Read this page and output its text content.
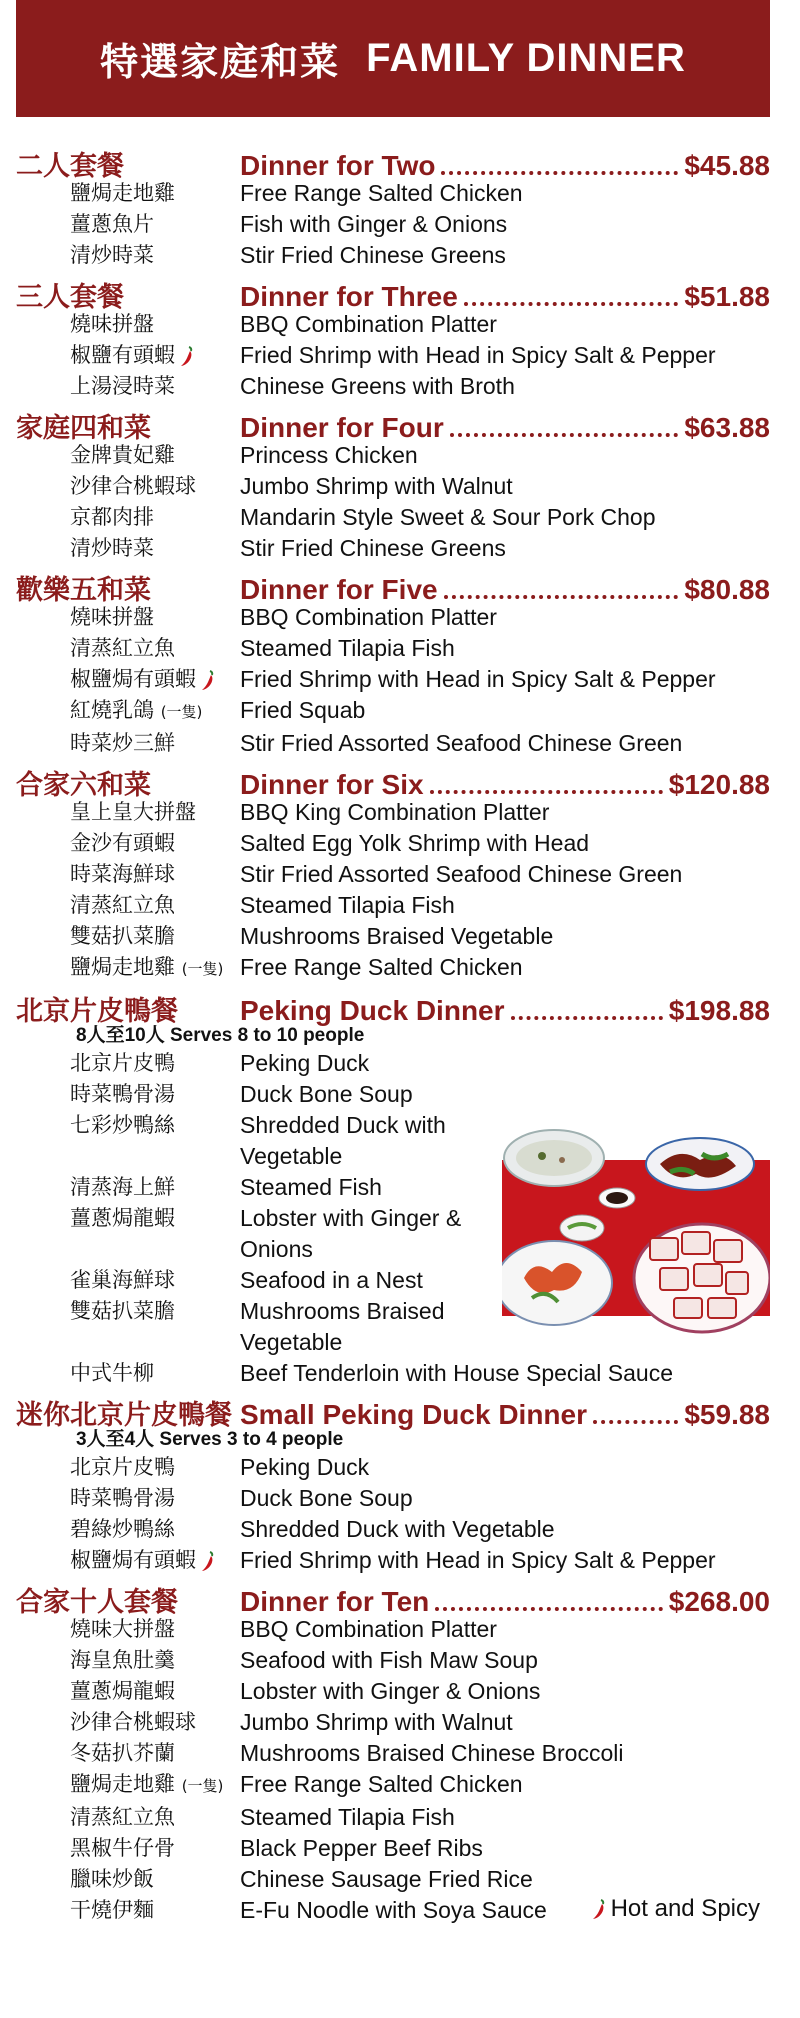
特選家庭和菜 FAMILY DINNER
二人套餐	Dinner for Two	$45.88
鹽焗走地雞	Free Range Salted Chicken
薑蔥魚片	Fish with Ginger & Onions
清炒時菜	Stir Fried Chinese Greens
三人套餐	Dinner for Three	$51.88
燒味拼盤	BBQ Combination Platter
椒鹽有頭蝦	Fried Shrimp with Head in Spicy Salt & Pepper
上湯浸時菜	Chinese Greens with Broth
家庭四和菜	Dinner for Four	$63.88
金牌貴妃雞	Princess Chicken
沙律合桃蝦球	Jumbo Shrimp with Walnut
京都肉排	Mandarin Style Sweet & Sour Pork Chop
清炒時菜	Stir Fried Chinese Greens
歡樂五和菜	Dinner for Five	$80.88
燒味拼盤	BBQ Combination Platter
清蒸紅立魚	Steamed Tilapia Fish
椒鹽焗有頭蝦	Fried Shrimp with Head in Spicy Salt & Pepper
紅燒乳鴿 (一隻)	Fried Squab
時菜炒三鮮	Stir Fried Assorted Seafood Chinese Green
合家六和菜	Dinner for Six	$120.88
皇上皇大拼盤	BBQ King Combination Platter
金沙有頭蝦	Salted Egg Yolk Shrimp with Head
時菜海鮮球	Stir Fried Assorted Seafood Chinese Green
清蒸紅立魚	Steamed Tilapia Fish
雙菇扒菜膽	Mushrooms Braised Vegetable
鹽焗走地雞 (一隻) Free Range Salted Chicken
北京片皮鴨餐	Peking Duck Dinner	$198.88
8人至10人 Serves 8 to 10 people
北京片皮鴨	Peking Duck
時菜鴨骨湯	Duck Bone Soup
七彩炒鴨絲	Shredded Duck with Vegetable
清蒸海上鮮	Steamed Fish
薑蔥焗龍蝦	Lobster with Ginger & Onions
雀巢海鮮球	Seafood in a Nest
雙菇扒菜膽	Mushrooms Braised Vegetable
中式牛柳	Beef Tenderloin with House Special Sauce
迷你北京片皮鴨餐 Small Peking Duck Dinner	$59.88
3人至4人 Serves 3 to 4 people
北京片皮鴨	Peking Duck
時菜鴨骨湯	Duck Bone Soup
碧綠炒鴨絲	Shredded Duck with Vegetable
椒鹽焗有頭蝦	Fried Shrimp with Head in Spicy Salt & Pepper
合家十人套餐	Dinner for Ten	$268.00
燒味大拼盤	BBQ Combination Platter
海皇魚肚羹	Seafood with Fish Maw Soup
薑蔥焗龍蝦	Lobster with Ginger & Onions
沙律合桃蝦球	Jumbo Shrimp with Walnut
冬菇扒芥蘭	Mushrooms Braised Chinese Broccoli
鹽焗走地雞 (一隻) Free Range Salted Chicken
清蒸紅立魚	Steamed Tilapia Fish
黑椒牛仔骨	Black Pepper Beef Ribs
臘味炒飯	Chinese Sausage Fried Rice
干燒伊麵	E-Fu Noodle with Soya Sauce	Hot and Spicy
